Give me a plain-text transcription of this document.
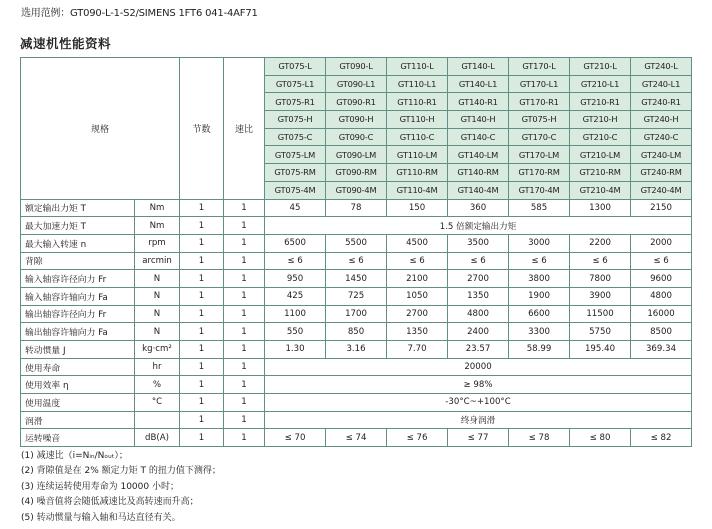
选用范例：GT090-L-1-S2/SIMENS 1FT6 041-4AF71
减速机性能资料
规格		节数	速比	GT075-L	GT090-L	GT110-L	GT140-L	GT170-L	GT210-L	GT240-L
				GT075-L1	GT090-L1	GT110-L1	GT140-L1	GT170-L1	GT210-L1	GT240-L1
				GT075-R1	GT090-R1	GT110-R1	GT140-R1	GT170-R1	GT210-R1	GT240-R1
				GT075-H	GT090-H	GT110-H	GT140-H	GT075-H	GT210-H	GT240-H
				GT075-C	GT090-C	GT110-C	GT140-C	GT170-C	GT210-C	GT240-C
				GT075-LM	GT090-LM	GT110-LM	GT140-LM	GT170-LM	GT210-LM	GT240-LM
				GT075-RM	GT090-RM	GT110-RM	GT140-RM	GT170-RM	GT210-RM	GT240-RM
				GT075-4M	GT090-4M	GT110-4M	GT140-4M	GT170-4M	GT210-4M	GT240-4M
额定输出力矩 T	Nm	1	1	45	78	150	360	585	1300	2150
最大加速力矩 T	Nm	1	1	1.5 倍额定输出力矩						
最大输入转速 n	rpm	1	1	6500	5500	4500	3500	3000	2200	2000
背隙	arcmin	1	1	≤ 6	≤ 6	≤ 6	≤ 6	≤ 6	≤ 6	≤ 6
输入轴容许径向力 Fr	N	1	1	950	1450	2100	2700	3800	7800	9600
输入轴容许轴向力 Fa	N	1	1	425	725	1050	1350	1900	3900	4800
输出轴容许径向力 Fr	N	1	1	1100	1700	2700	4800	6600	11500	16000
输出轴容许轴向力 Fa	N	1	1	550	850	1350	2400	3300	5750	8500
转动惯量 J	kg·cm²	1	1	1.30	3.16	7.70	23.57	58.99	195.40	369.34
使用寿命	hr	1	1	20000						
使用效率 η	%	1	1	≥ 98%						
使用温度	°C	1	1	-30°C~+100°C						
润滑		1	1	终身润滑						
运转噪音	dB(A)	1	1	≤ 70	≤ 74	≤ 76	≤ 77	≤ 78	≤ 80	≤ 82
(1) 减速比（i=Nᵢₙ/Nₒᵤₜ）；
(2) 背隙值是在 2% 额定力矩 T 的扭力值下测得；
(3) 连续运转使用寿命为 10000 小时；
(4) 噪音值将会随低减速比及高转速而升高；
(5) 转动惯量与输入轴和马达直径有关。
